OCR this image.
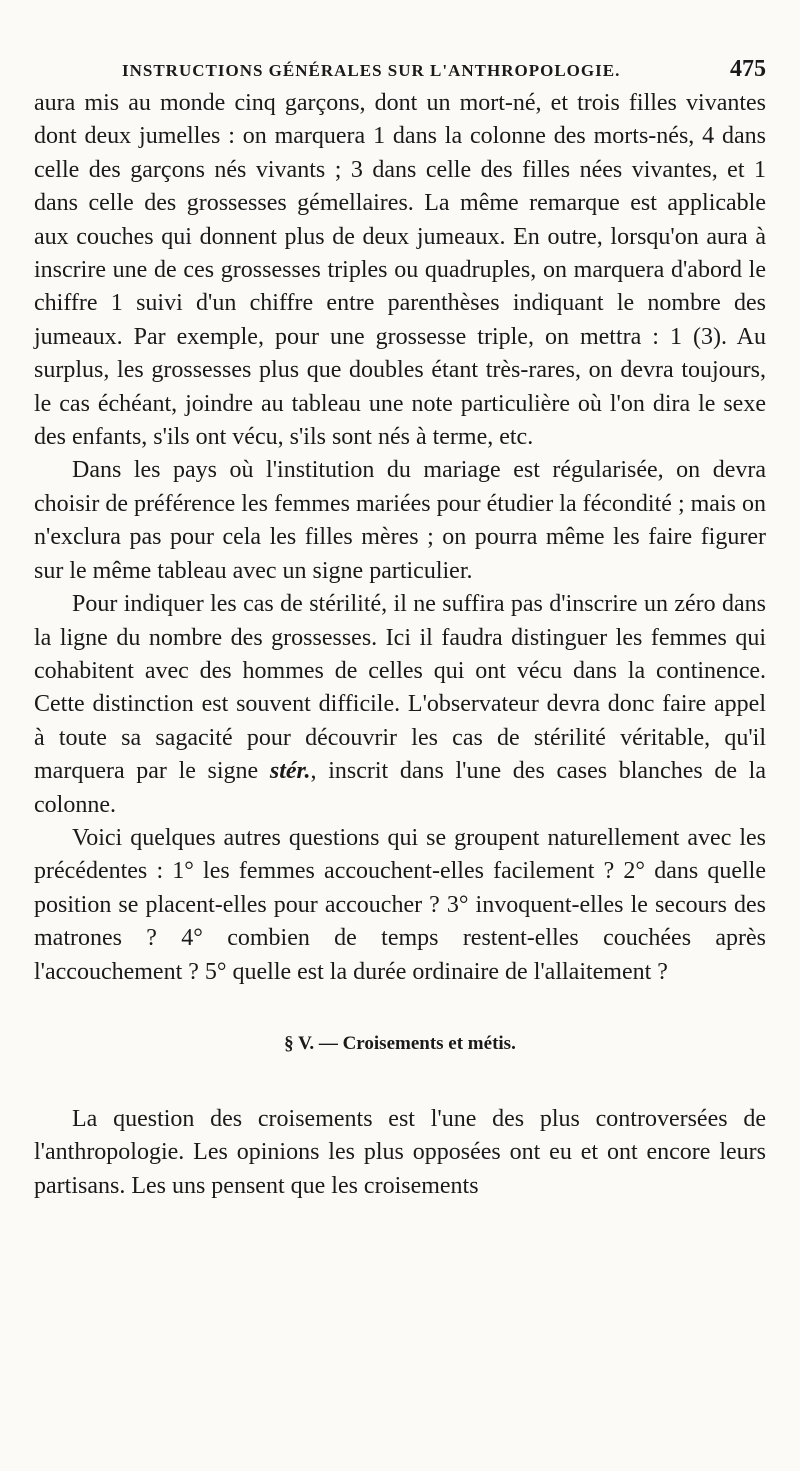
INSTRUCTIONS GÉNÉRALES SUR L'ANTHROPOLOGIE.	475

aura mis au monde cinq garçons, dont un mort-né, et trois filles vivantes dont deux jumelles : on marquera 1 dans la colonne des morts-nés, 4 dans celle des garçons nés vivants ; 3 dans celle des filles nées vivantes, et 1 dans celle des grossesses gémellaires. La même remarque est applicable aux couches qui donnent plus de deux jumeaux. En outre, lorsqu'on aura à inscrire une de ces grossesses triples ou quadruples, on marquera d'abord le chiffre 1 suivi d'un chiffre entre parenthèses indiquant le nombre des jumeaux. Par exemple, pour une grossesse triple, on mettra : 1 (3). Au surplus, les grossesses plus que doubles étant très-rares, on devra toujours, le cas échéant, joindre au tableau une note particulière où l'on dira le sexe des enfants, s'ils ont vécu, s'ils sont nés à terme, etc.

Dans les pays où l'institution du mariage est régularisée, on devra choisir de préférence les femmes mariées pour étudier la fécondité ; mais on n'exclura pas pour cela les filles mères ; on pourra même les faire figurer sur le même tableau avec un signe particulier.

Pour indiquer les cas de stérilité, il ne suffira pas d'inscrire un zéro dans la ligne du nombre des grossesses. Ici il faudra distinguer les femmes qui cohabitent avec des hommes de celles qui ont vécu dans la continence. Cette distinction est souvent difficile. L'observateur devra donc faire appel à toute sa sagacité pour découvrir les cas de stérilité véritable, qu'il marquera par le signe stér., inscrit dans l'une des cases blanches de la colonne.

Voici quelques autres questions qui se groupent naturellement avec les précédentes : 1° les femmes accouchent-elles facilement ? 2° dans quelle position se placent-elles pour accoucher ? 3° invoquent-elles le secours des matrones ? 4° combien de temps restent-elles couchées après l'accouchement ? 5° quelle est la durée ordinaire de l'allaitement ?

§ V. — Croisements et métis.

La question des croisements est l'une des plus controversées de l'anthropologie. Les opinions les plus opposées ont eu et ont encore leurs partisans. Les uns pensent que les croisements
